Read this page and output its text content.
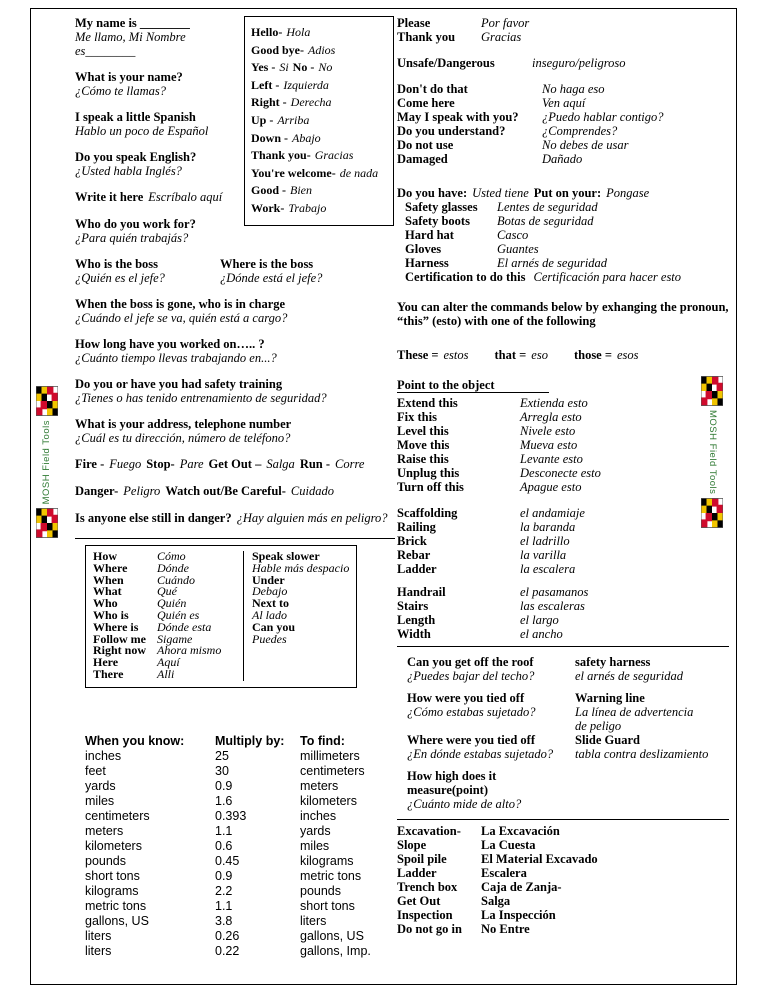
MOSH Field Tools	MOSH Field Tools
Hello- Hola
Good bye- Adios
Yes - Si No - No
Left - Izquierda
Right - Derecha
Up - Arriba
Down - Abajo
Thank you- Gracias
You're welcome- de nada
Good - Bien
Work- Trabajo
My name is ________
Me llamo, Mi Nombre es________
What is your name?
¿Cómo te llamas?
I speak a little Spanish
Hablo un poco de Español
Do you speak English?
¿Usted habla Inglés?
Write it here Escríbalo aquí
Who do you work for?
¿Para quién trabajás?
Who is the boss	Where is the boss
¿Quién es el jefe?	¿Dónde está el jefe?
When the boss is gone, who is in charge
¿Cuándo el jefe se va, quién está a cargo?
How long have you worked on….. ?
¿Cuánto tiempo llevas trabajando en...?
Do you or have you had safety training
¿Tienes o has tenido entrenamiento de seguridad?
What is your address, telephone number
¿Cuál es tu dirección, número de teléfono?
Fire - Fuego Stop- Pare Get Out – Salga Run - Corre
Danger- Peligro Watch out/Be Careful- Cuidado
Is anyone else still in danger? ¿Hay alguien más en peligro?
How	Cómo
Where	Dónde
When	Cuándo
What	Qué
Who	Quién
Who is	Quién es
Where is	Dónde esta
Follow me Sigame
Right now Ahora mismo
Here	Aquí
There	Alli
Speak slower
Hable más despacio
Under
Debajo
Next to
Al lado
Can you
Puedes
When you know:	Multiply by:	To find:
inches	25	millimeters
feet	30	centimeters
yards	0.9	meters
miles	1.6	kilometers
centimeters	0.393	inches
meters	1.1	yards
kilometers	0.6	miles
pounds	0.45	kilograms
short tons	0.9	metric tons
kilograms	2.2	pounds
metric tons	1.1	short tons
gallons, US	3.8	liters
liters	0.26	gallons, US
liters	0.22	gallons, Imp.
Please	Por favor
Thank you	Gracias
Unsafe/Dangerous	inseguro/peligroso
Don't do that	No haga eso
Come here	Ven aquí
May I speak with you?	¿Puedo hablar contigo?
Do you understand?	¿Comprendes?
Do not use	No debes de usar
Damaged	Dañado
Do you have: Usted tiene Put on your: Pongase
Safety glasses	Lentes de seguridad
Safety boots	Botas de seguridad
Hard hat	Casco
Gloves	Guantes
Harness	El arnés de seguridad
Certification to do this Certificación para hacer esto
You can alter the commands below by exhanging the pronoun, “this” (esto) with one of the following
These = estos that = eso those = esos
Point to the object
Extend this	Extienda esto
Fix this	Arregla esto
Level this	Nivele esto
Move this	Mueva esto
Raise this	Levante esto
Unplug this	Desconecte esto
Turn off this	Apague esto
Scaffolding	el andamiaje
Railing	la baranda
Brick	el ladrillo
Rebar	la varilla
Ladder	la escalera
Handrail	el pasamanos
Stairs	las escaleras
Length	el largo
Width	el ancho
Can you get off the roof	safety harness
¿Puedes bajar del techo?	el arnés de seguridad
How were you tied off	Warning line
¿Cómo estabas sujetado?	La línea de advertencia
de peligo
Where were you tied off	Slide Guard
¿En dónde estabas sujetado?	tabla contra deslizamiento
How high does it measure(point)
¿Cuánto mide de alto?
Excavation-	La Excavación
Slope	La Cuesta
Spoil pile	El Material Excavado
Ladder	Escalera
Trench box	Caja de Zanja-
Get Out	Salga
Inspection	La Inspección
Do not go in	No Entre
